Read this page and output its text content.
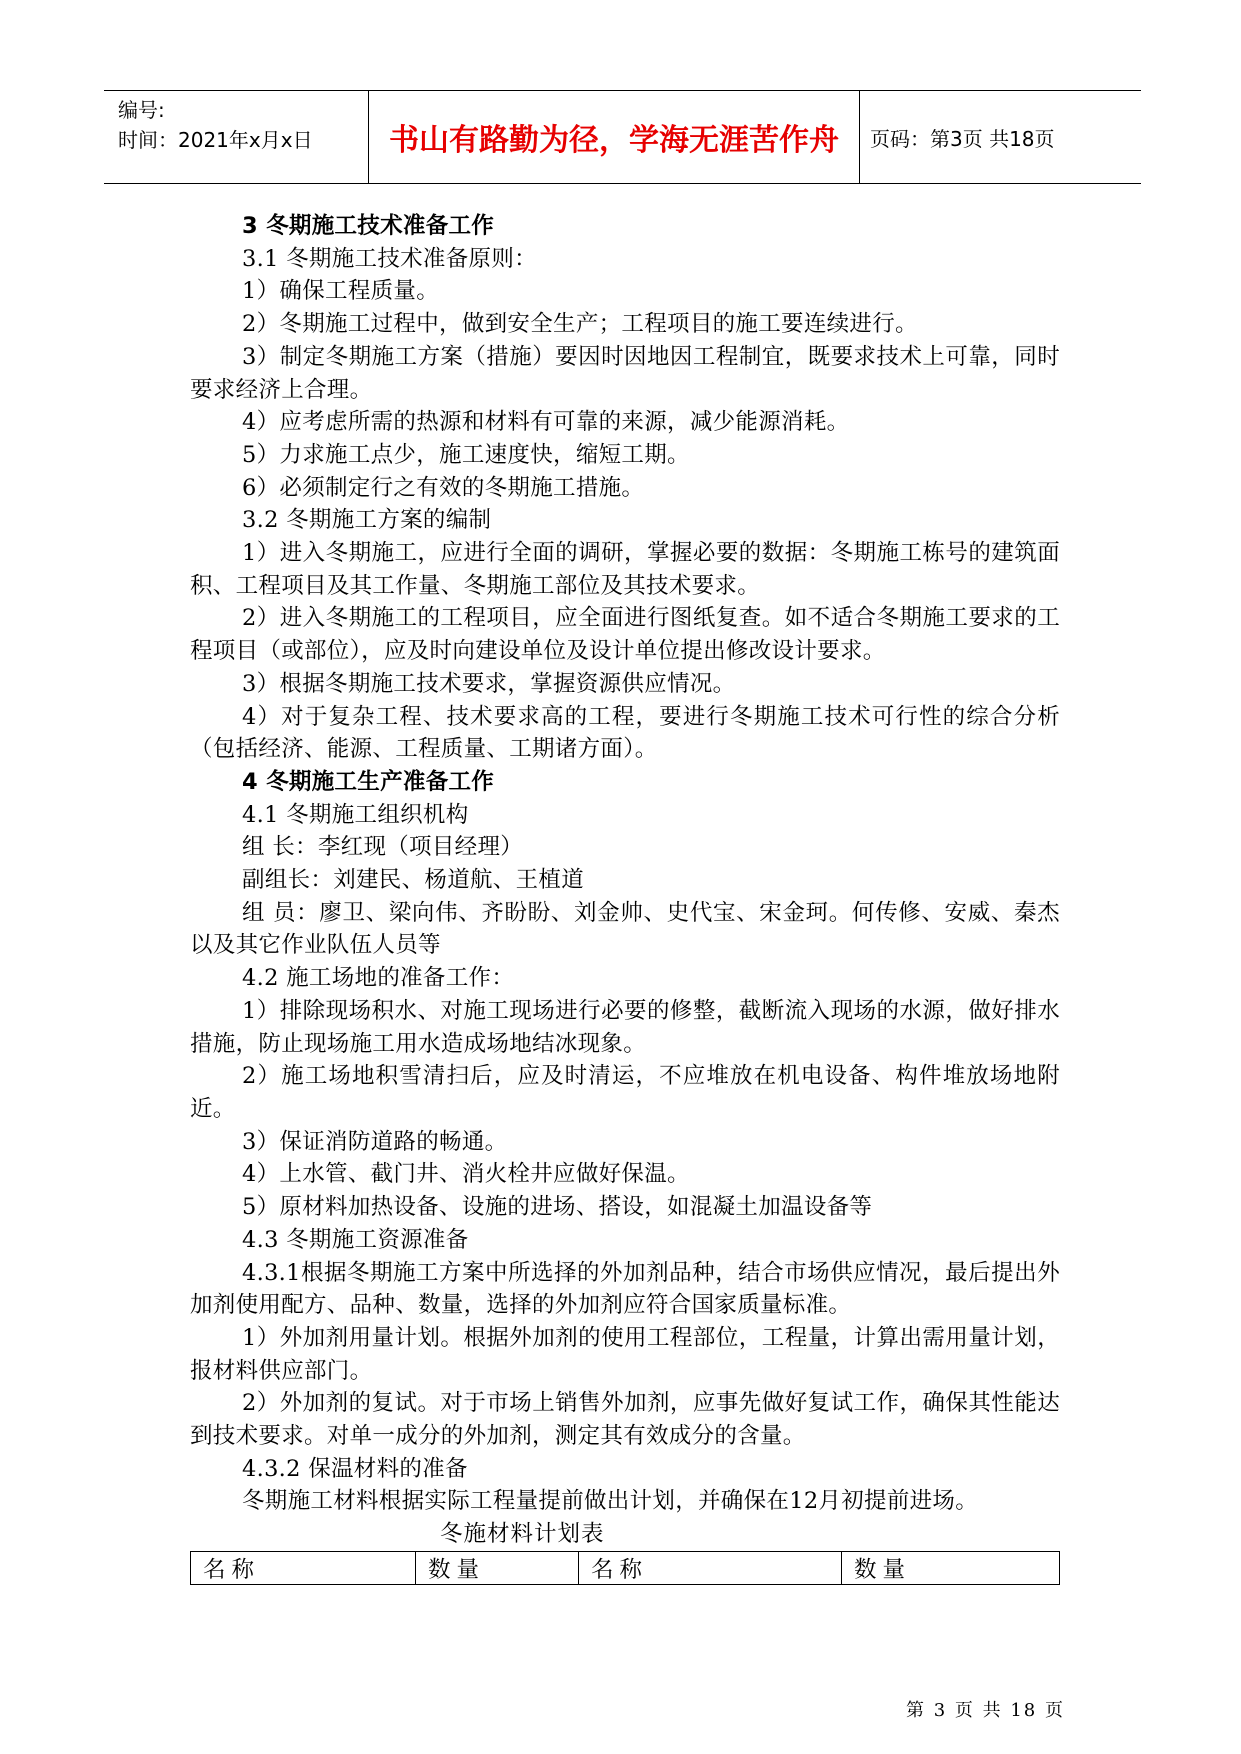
编号:
时间：2021年x月x日	书山有路勤为径，学海无涯苦作舟	页码：第3页 共18页

3 冬期施工技术准备工作

3.1 冬期施工技术准备原则：

1）确保工程质量。

2）冬期施工过程中，做到安全生产；工程项目的施工要连续进行。

3）制定冬期施工方案（措施）要因时因地因工程制宜，既要求技术上可靠，同时要求经济上合理。

4）应考虑所需的热源和材料有可靠的来源，减少能源消耗。

5）力求施工点少，施工速度快，缩短工期。

6）必须制定行之有效的冬期施工措施。

3.2 冬期施工方案的编制

1）进入冬期施工，应进行全面的调研，掌握必要的数据：冬期施工栋号的建筑面积、工程项目及其工作量、冬期施工部位及其技术要求。

2）进入冬期施工的工程项目，应全面进行图纸复查。如不适合冬期施工要求的工程项目（或部位），应及时向建设单位及设计单位提出修改设计要求。

3）根据冬期施工技术要求，掌握资源供应情况。

4）对于复杂工程、技术要求高的工程，要进行冬期施工技术可行性的综合分析（包括经济、能源、工程质量、工期诸方面）。

4 冬期施工生产准备工作

4.1 冬期施工组织机构

组 长：李红现（项目经理）

副组长：刘建民、杨道航、王植道

组 员：廖卫、梁向伟、齐盼盼、刘金帅、史代宝、宋金珂。何传修、安威、秦杰以及其它作业队伍人员等

4.2 施工场地的准备工作：

1）排除现场积水、对施工现场进行必要的修整，截断流入现场的水源，做好排水措施，防止现场施工用水造成场地结冰现象。

2）施工场地积雪清扫后，应及时清运，不应堆放在机电设备、构件堆放场地附近。

3）保证消防道路的畅通。

4）上水管、截门井、消火栓井应做好保温。

5）原材料加热设备、设施的进场、搭设，如混凝土加温设备等

4.3 冬期施工资源准备

4.3.1根据冬期施工方案中所选择的外加剂品种，结合市场供应情况，最后提出外加剂使用配方、品种、数量，选择的外加剂应符合国家质量标准。

1）外加剂用量计划。根据外加剂的使用工程部位，工程量，计算出需用量计划，报材料供应部门。

2）外加剂的复试。对于市场上销售外加剂，应事先做好复试工作，确保其性能达到技术要求。对单一成分的外加剂，测定其有效成分的含量。

4.3.2 保温材料的准备

冬期施工材料根据实际工程量提前做出计划，并确保在12月初提前进场。

冬施材料计划表

名称	数量	名称	数量
第 3 页 共 18 页
